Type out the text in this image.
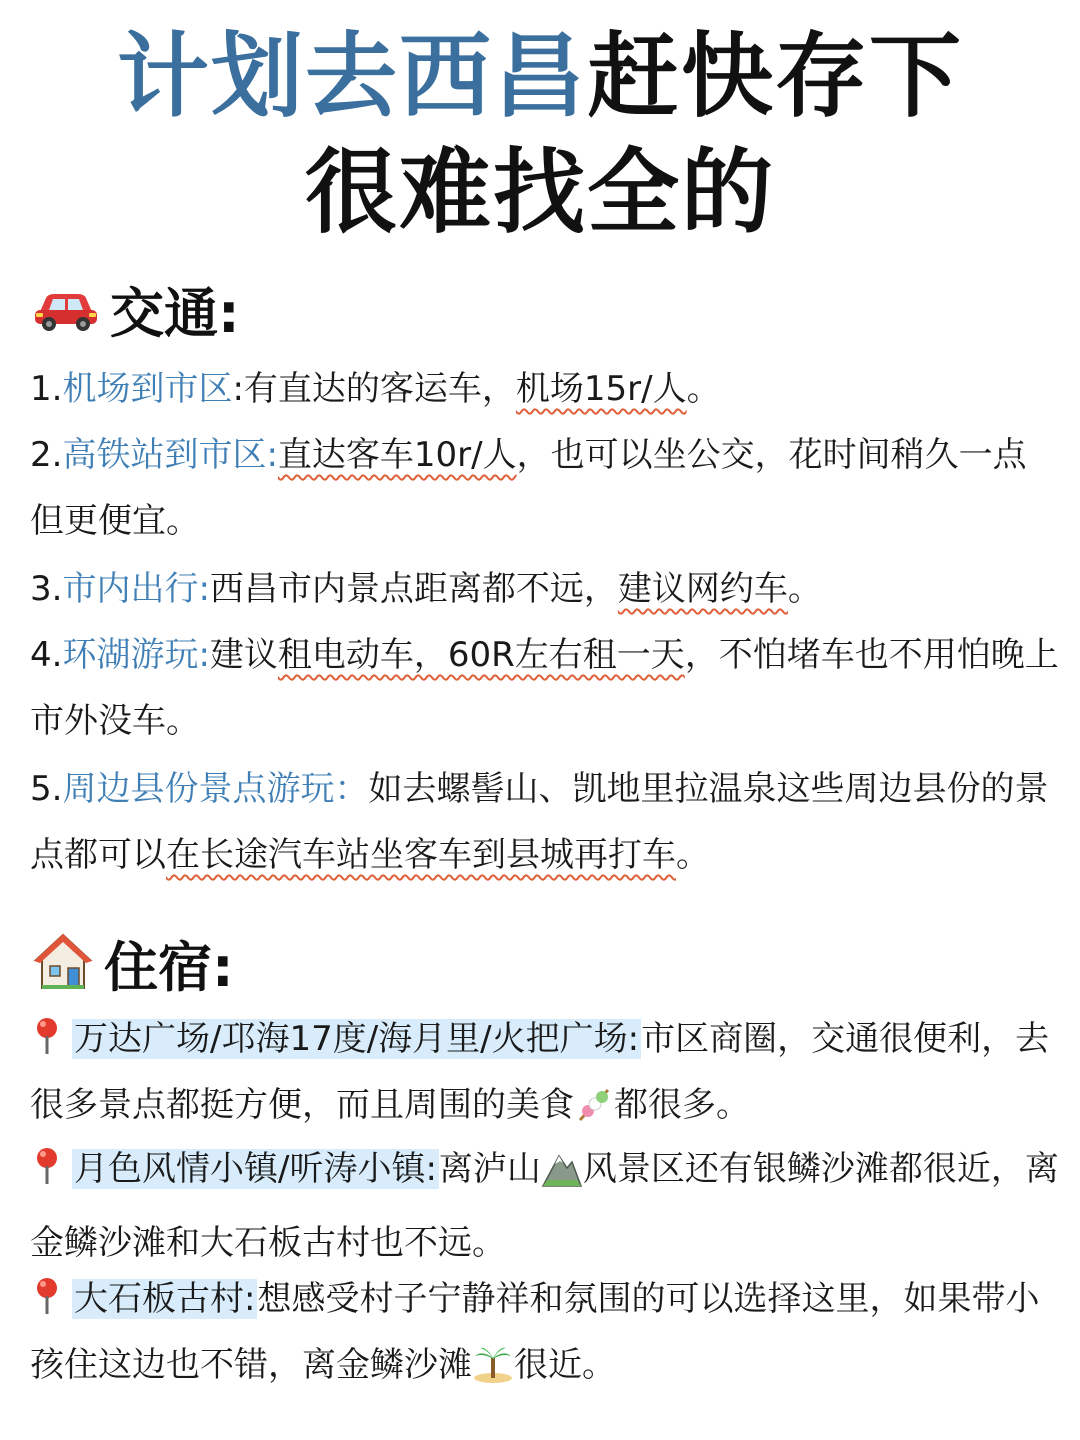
计划去西昌赶快存下
很难找全的
交通:
1.机场到市区:有直达的客运车，机场15r/人。
2.高铁站到市区:直达客车10r/人，也可以坐公交，花时间稍久一点但更便宜。
3.市内出行:西昌市内景点距离都不远，建议网约车。
4.环湖游玩:建议租电动车，60R左右租一天，不怕堵车也不用怕晚上市外没车。
5.周边县份景点游玩：如去螺髻山、凯地里拉温泉这些周边县份的景点都可以在长途汽车站坐客车到县城再打车。
住宿:
万达广场/邛海17度/海月里/火把广场:市区商圈，交通很便利，去很多景点都挺方便，而且周围的美食 都很多。
月色风情小镇/听涛小镇:离泸山 风景区还有银鳞沙滩都很近，离金鳞沙滩和大石板古村也不远。
大石板古村:想感受村子宁静祥和氛围的可以选择这里，如果带小孩住这边也不错，离金鳞沙滩 很近。
